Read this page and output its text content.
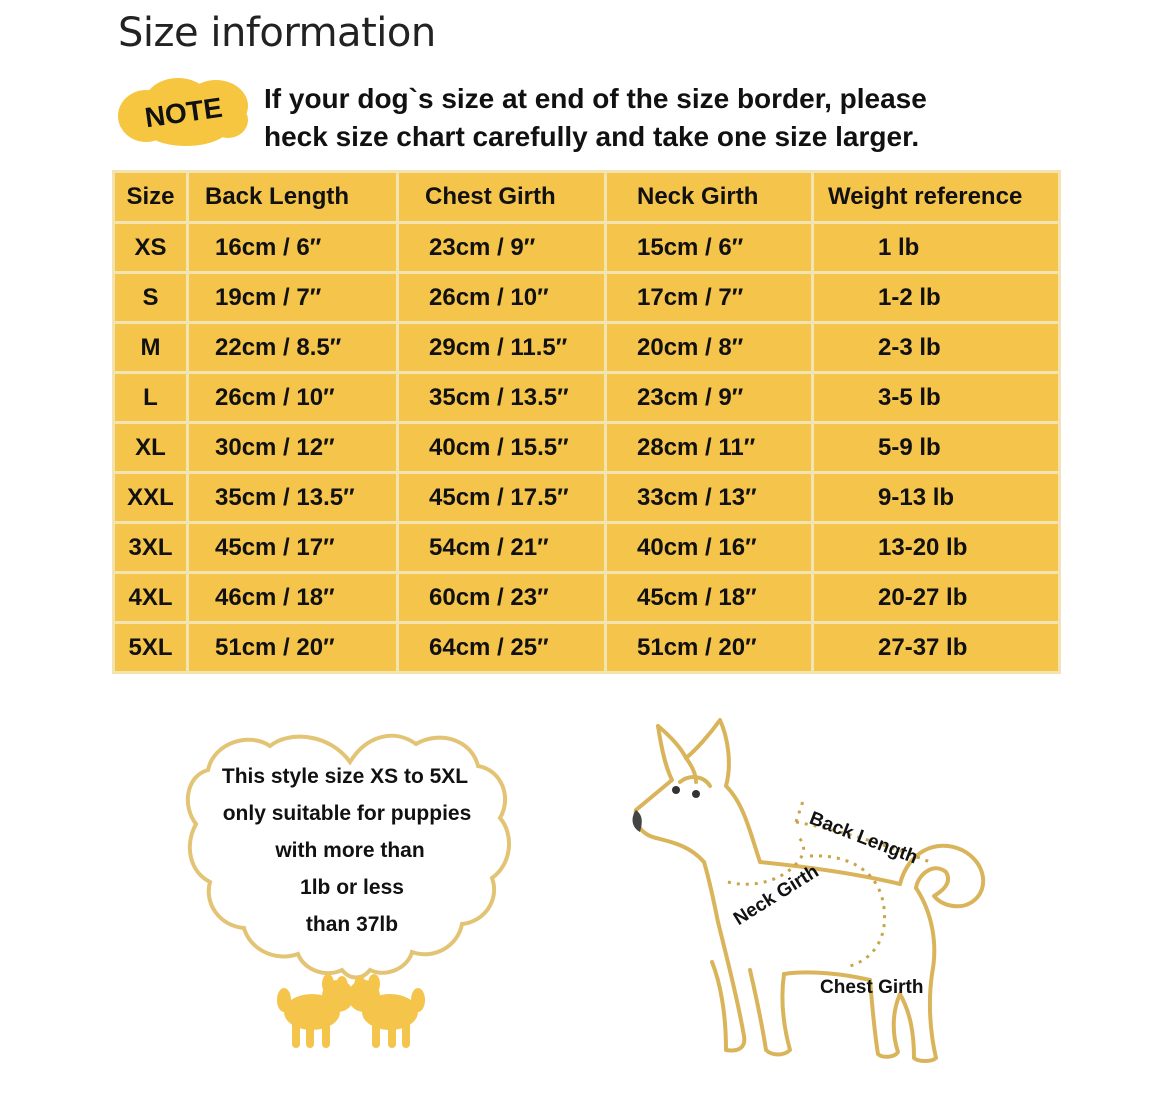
Size information
NOTE If your dog`s size at end of the size border, please
heck size chart carefully and take one size larger.
Size	Back Length	Chest Girth	Neck Girth	Weight reference
XS	16cm / 6″	23cm / 9″	15cm / 6″	1 lb
S	19cm / 7″	26cm / 10″	17cm / 7″	1-2 lb
M	22cm / 8.5″	29cm / 11.5″	20cm / 8″	2-3 lb
L	26cm / 10″	35cm / 13.5″	23cm / 9″	3-5 lb
XL	30cm / 12″	40cm / 15.5″	28cm / 11″	5-9 lb
XXL	35cm / 13.5″	45cm / 17.5″	33cm / 13″	9-13 lb
3XL	45cm / 17″	54cm / 21″	40cm / 16″	13-20 lb
4XL	46cm / 18″	60cm / 23″	45cm / 18″	20-27 lb
5XL	51cm / 20″	64cm / 25″	51cm / 20″	27-37 lb
This style size XS to 5XL
only suitable for puppies
with more than
1lb or less
than 37lb
Back Length
Neck Girth
Chest Girth
